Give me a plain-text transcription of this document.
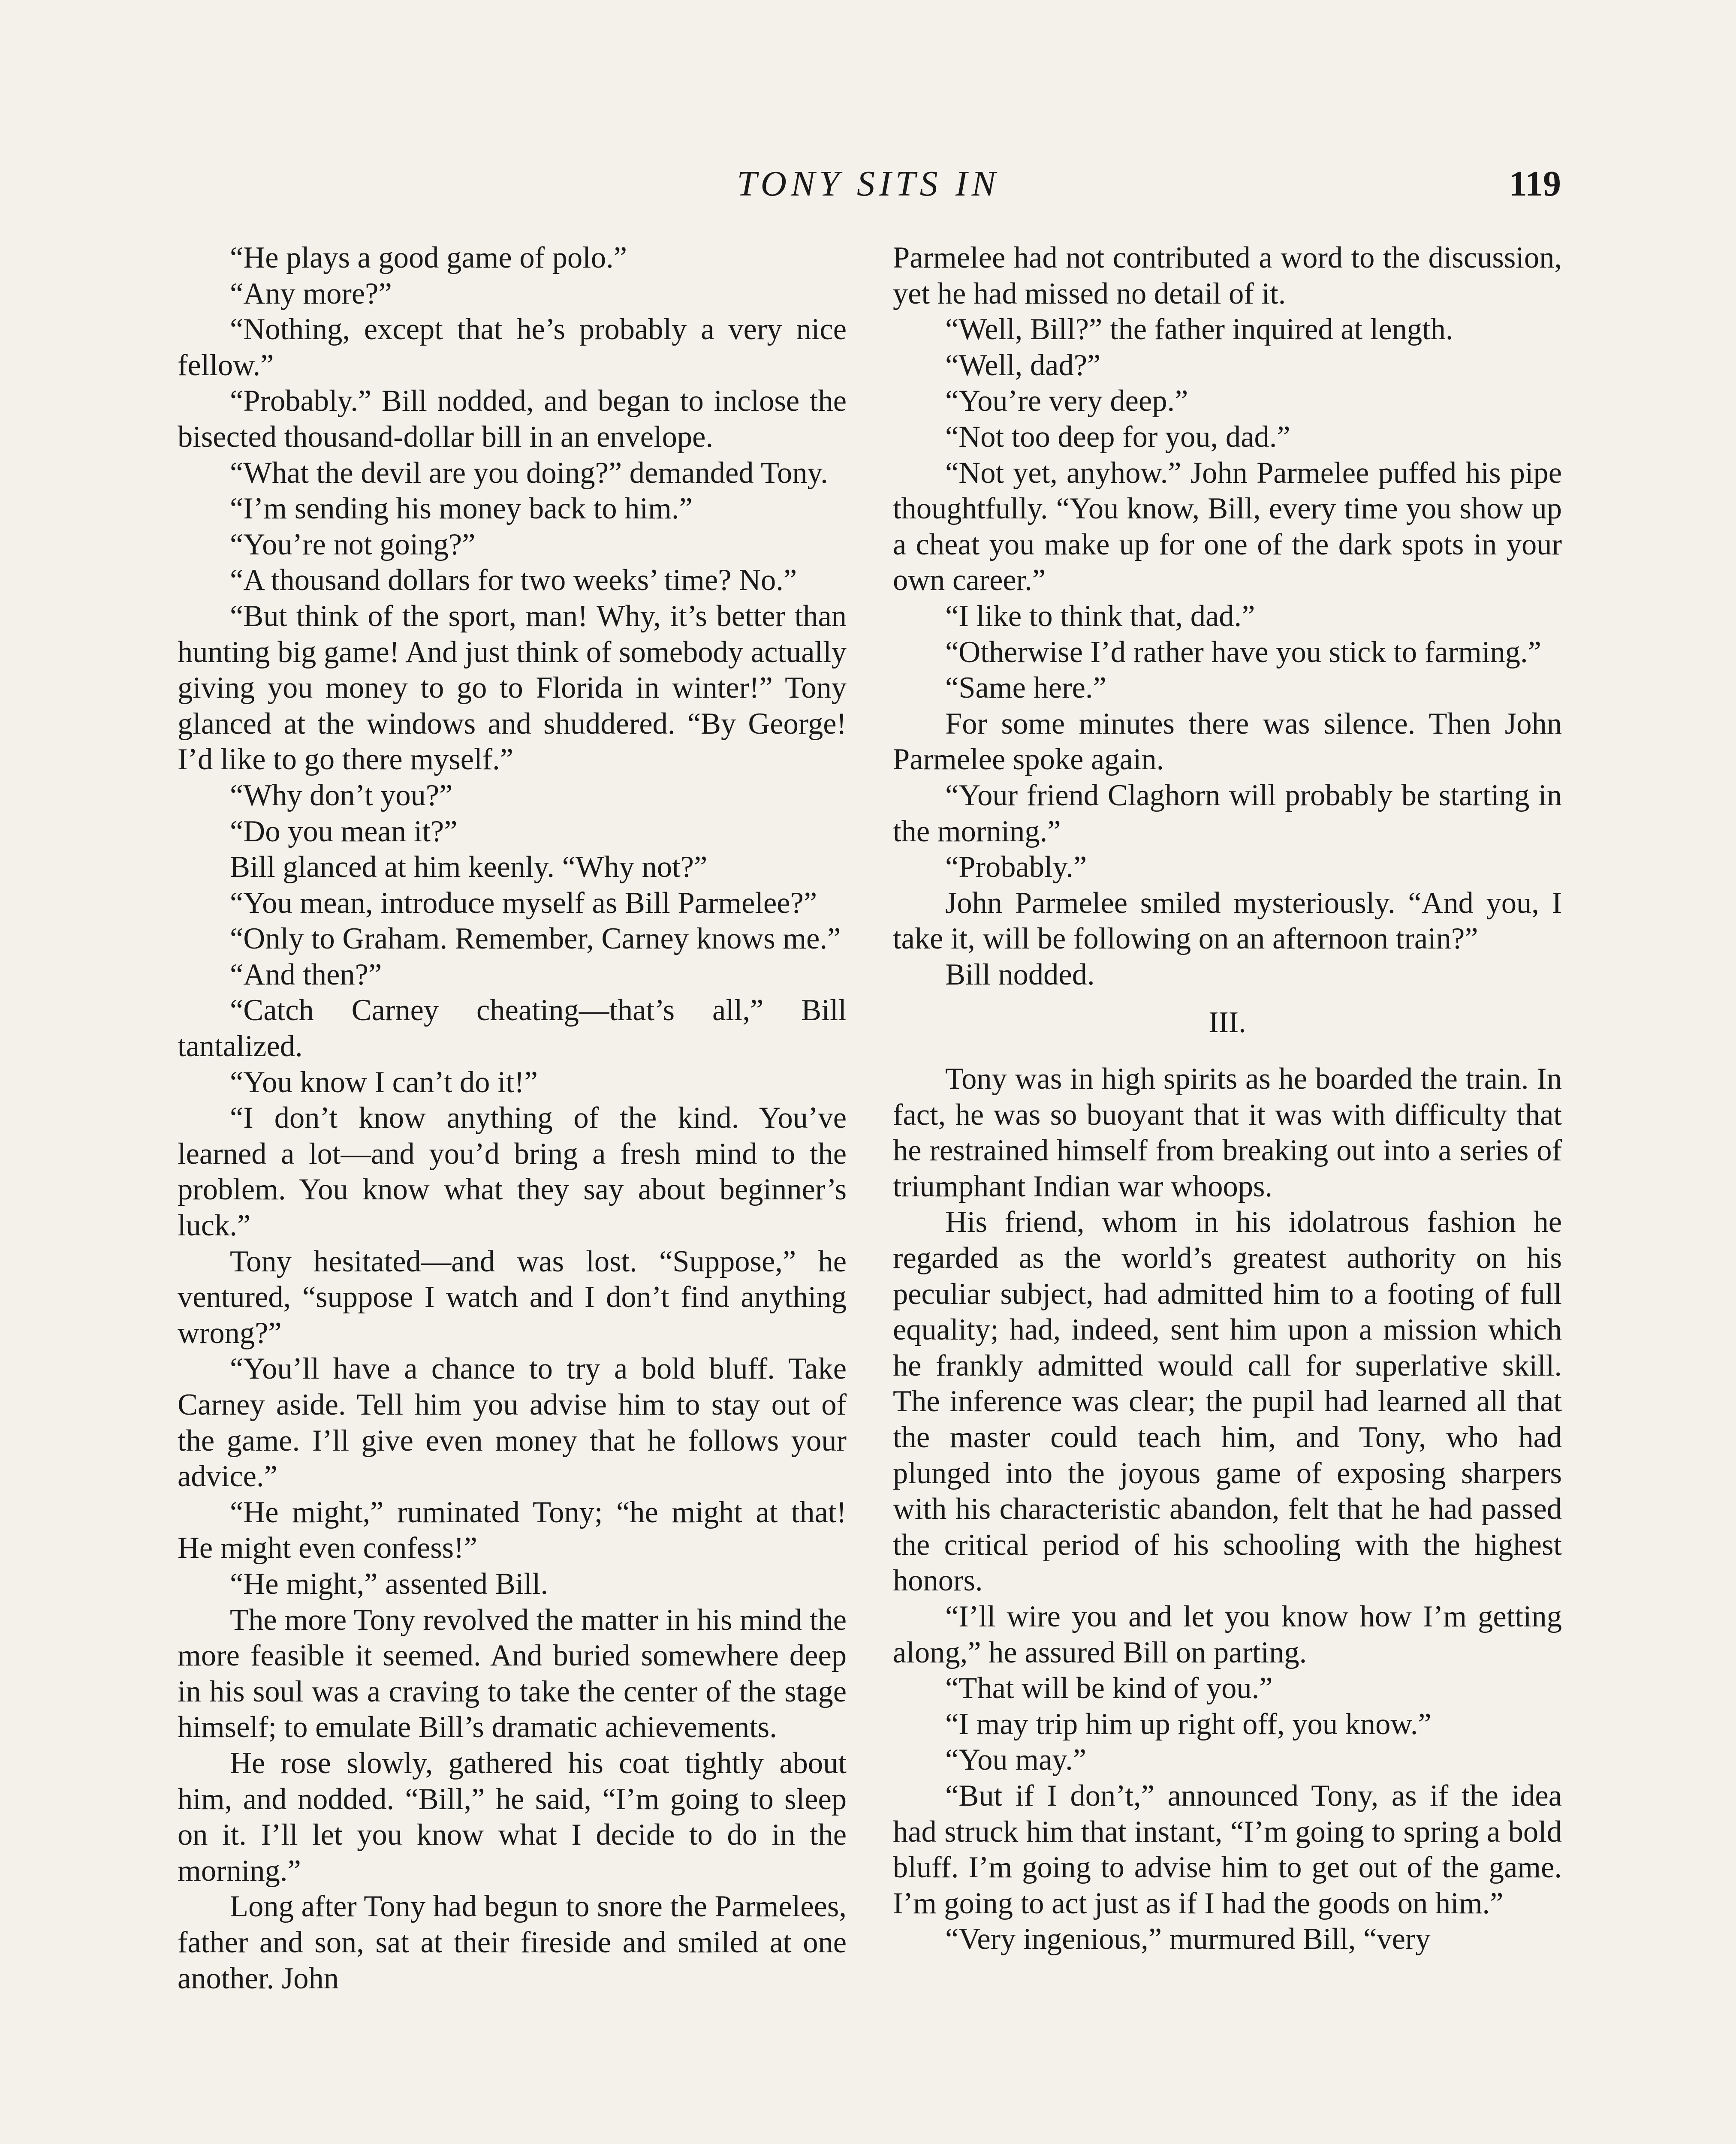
TONY SITS IN	119

“He plays a good game of polo.”

“Any more?”

“Nothing, except that he’s probably a very nice fellow.”

“Probably.” Bill nodded, and began to inclose the bisected thousand-dollar bill in an envelope.

“What the devil are you doing?” demanded Tony.

“I’m sending his money back to him.”

“You’re not going?”

“A thousand dollars for two weeks’ time? No.”

“But think of the sport, man! Why, it’s better than hunting big game! And just think of somebody actually giving you money to go to Florida in winter!” Tony glanced at the windows and shuddered. “By George! I’d like to go there myself.”

“Why don’t you?”

“Do you mean it?”

Bill glanced at him keenly. “Why not?”

“You mean, introduce myself as Bill Parmelee?”

“Only to Graham. Remember, Carney knows me.”

“And then?”

“Catch Carney cheating—that’s all,” Bill tantalized.

“You know I can’t do it!”

“I don’t know anything of the kind. You’ve learned a lot—and you’d bring a fresh mind to the problem. You know what they say about beginner’s luck.”

Tony hesitated—and was lost. “Suppose,” he ventured, “suppose I watch and I don’t find anything wrong?”

“You’ll have a chance to try a bold bluff. Take Carney aside. Tell him you advise him to stay out of the game. I’ll give even money that he follows your advice.”

“He might,” ruminated Tony; “he might at that! He might even confess!”

“He might,” assented Bill.

The more Tony revolved the matter in his mind the more feasible it seemed. And buried somewhere deep in his soul was a craving to take the center of the stage himself; to emulate Bill’s dramatic achievements.

He rose slowly, gathered his coat tightly about him, and nodded. “Bill,” he said, “I’m going to sleep on it. I’ll let you know what I decide to do in the morning.”

Long after Tony had begun to snore the Parmelees, father and son, sat at their fireside and smiled at one another. John

Parmelee had not contributed a word to the discussion, yet he had missed no detail of it.

“Well, Bill?” the father inquired at length.

“Well, dad?”

“You’re very deep.”

“Not too deep for you, dad.”

“Not yet, anyhow.” John Parmelee puffed his pipe thoughtfully. “You know, Bill, every time you show up a cheat you make up for one of the dark spots in your own career.”

“I like to think that, dad.”

“Otherwise I’d rather have you stick to farming.”

“Same here.”

For some minutes there was silence. Then John Parmelee spoke again.

“Your friend Claghorn will probably be starting in the morning.”

“Probably.”

John Parmelee smiled mysteriously. “And you, I take it, will be following on an afternoon train?”

Bill nodded.

III.

Tony was in high spirits as he boarded the train. In fact, he was so buoyant that it was with difficulty that he restrained himself from breaking out into a series of triumphant Indian war whoops.

His friend, whom in his idolatrous fashion he regarded as the world’s greatest authority on his peculiar subject, had admitted him to a footing of full equality; had, indeed, sent him upon a mission which he frankly admitted would call for superlative skill. The inference was clear; the pupil had learned all that the master could teach him, and Tony, who had plunged into the joyous game of exposing sharpers with his characteristic abandon, felt that he had passed the critical period of his schooling with the highest honors.

“I’ll wire you and let you know how I’m getting along,” he assured Bill on parting.

“That will be kind of you.”

“I may trip him up right off, you know.”

“You may.”

“But if I don’t,” announced Tony, as if the idea had struck him that instant, “I’m going to spring a bold bluff. I’m going to advise him to get out of the game. I’m going to act just as if I had the goods on him.”

“Very ingenious,” murmured Bill, “very
